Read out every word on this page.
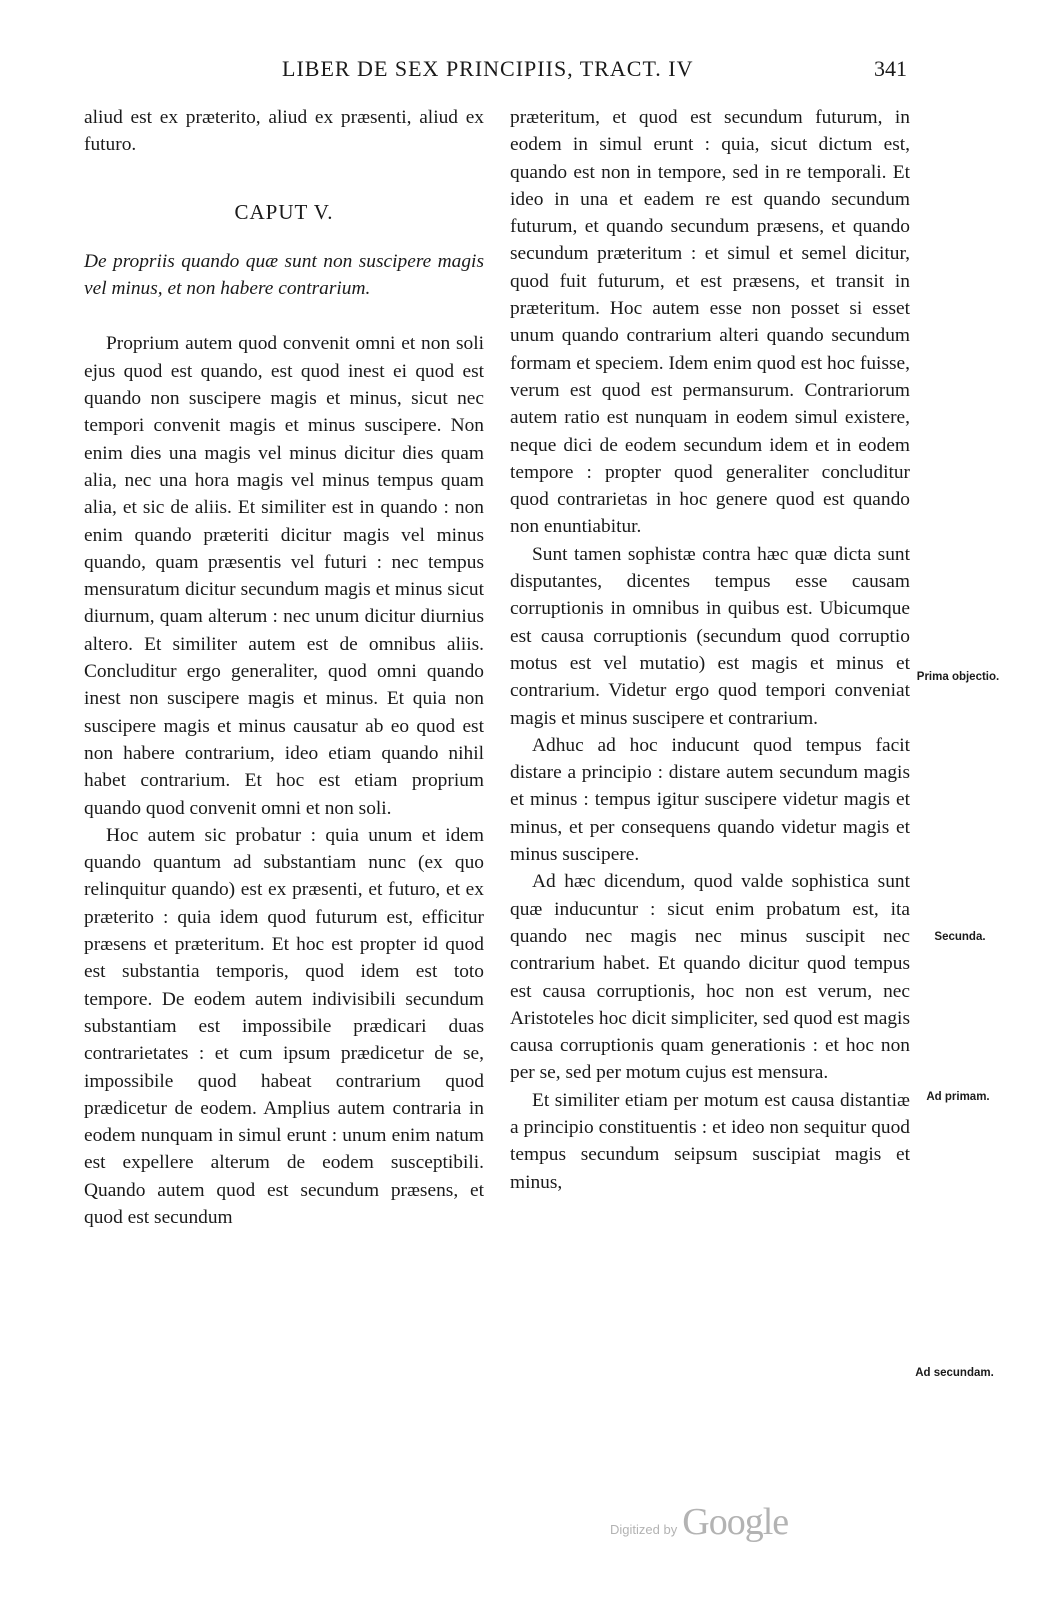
LIBER DE SEX PRINCIPIIS, TRACT. IV	341

aliud est ex præterito, aliud ex præsenti, aliud ex futuro.

CAPUT V.

De propriis quando quæ sunt non suscipere magis vel minus, et non habere contrarium.

Proprium autem quod convenit omni et non soli ejus quod est quando, est quod inest ei quod est quando non suscipere magis et minus, sicut nec tempori convenit magis et minus suscipere. Non enim dies una magis vel minus dicitur dies quam alia, nec una hora magis vel minus tempus quam alia, et sic de aliis. Et similiter est in quando : non enim quando præteriti dicitur magis vel minus quando, quam præsentis vel futuri : nec tempus mensuratum dicitur secundum magis et minus sicut diurnum, quam alterum : nec unum dicitur diurnius altero. Et similiter autem est de omnibus aliis. Concluditur ergo generaliter, quod omni quando inest non suscipere magis et minus. Et quia non suscipere magis et minus causatur ab eo quod est non habere contrarium, ideo etiam quando nihil habet contrarium. Et hoc est etiam proprium quando quod convenit omni et non soli.

Hoc autem sic probatur : quia unum et idem quando quantum ad substantiam nunc (ex quo relinquitur quando) est ex præsenti, et futuro, et ex præterito : quia idem quod futurum est, efficitur præsens et præteritum. Et hoc est propter id quod est substantia temporis, quod idem est toto tempore. De eodem autem indivisibili secundum substantiam est impossibile prædicari duas contrarietates : et cum ipsum prædicetur de se, impossibile quod habeat contrarium quod prædicetur de eodem. Amplius autem contraria in eodem nunquam in simul erunt : unum enim natum est expellere alterum de eodem susceptibili. Quando autem quod est secundum præsens, et quod est secundum

præteritum, et quod est secundum futurum, in eodem in simul erunt : quia, sicut dictum est, quando est non in tempore, sed in re temporali. Et ideo in una et eadem re est quando secundum futurum, et quando secundum præsens, et quando secundum præteritum : et simul et semel dicitur, quod fuit futurum, et est præsens, et transit in præteritum. Hoc autem esse non posset si esset unum quando contrarium alteri quando secundum formam et speciem. Idem enim quod est hoc fuisse, verum est quod est permansurum. Contrariorum autem ratio est nunquam in eodem simul existere, neque dici de eodem secundum idem et in eodem tempore : propter quod generaliter concluditur quod contrarietas in hoc genere quod est quando non enuntiabitur.

Sunt tamen sophistæ contra hæc quæ dicta sunt disputantes, dicentes tempus esse causam corruptionis in omnibus in quibus est. Ubicumque est causa corruptionis (secundum quod corruptio motus est vel mutatio) est magis et minus et contrarium. Videtur ergo quod tempori conveniat magis et minus suscipere et contrarium.

Adhuc ad hoc inducunt quod tempus facit distare a principio : distare autem secundum magis et minus : tempus igitur suscipere videtur magis et minus, et per consequens quando videtur magis et minus suscipere.

Ad hæc dicendum, quod valde sophistica sunt quæ inducuntur : sicut enim probatum est, ita quando nec magis nec minus suscipit nec contrarium habet. Et quando dicitur quod tempus est causa corruptionis, hoc non est verum, nec Aristoteles hoc dicit simpliciter, sed quod est magis causa corruptionis quam generationis : et hoc non per se, sed per motum cujus est mensura.

Et similiter etiam per motum est causa distantiæ a principio constituentis : et ideo non sequitur quod tempus secundum seipsum suscipiat magis et minus,

Prima objectio.
Secunda.
Ad primam.
Ad secundam.
Digitized by Google
